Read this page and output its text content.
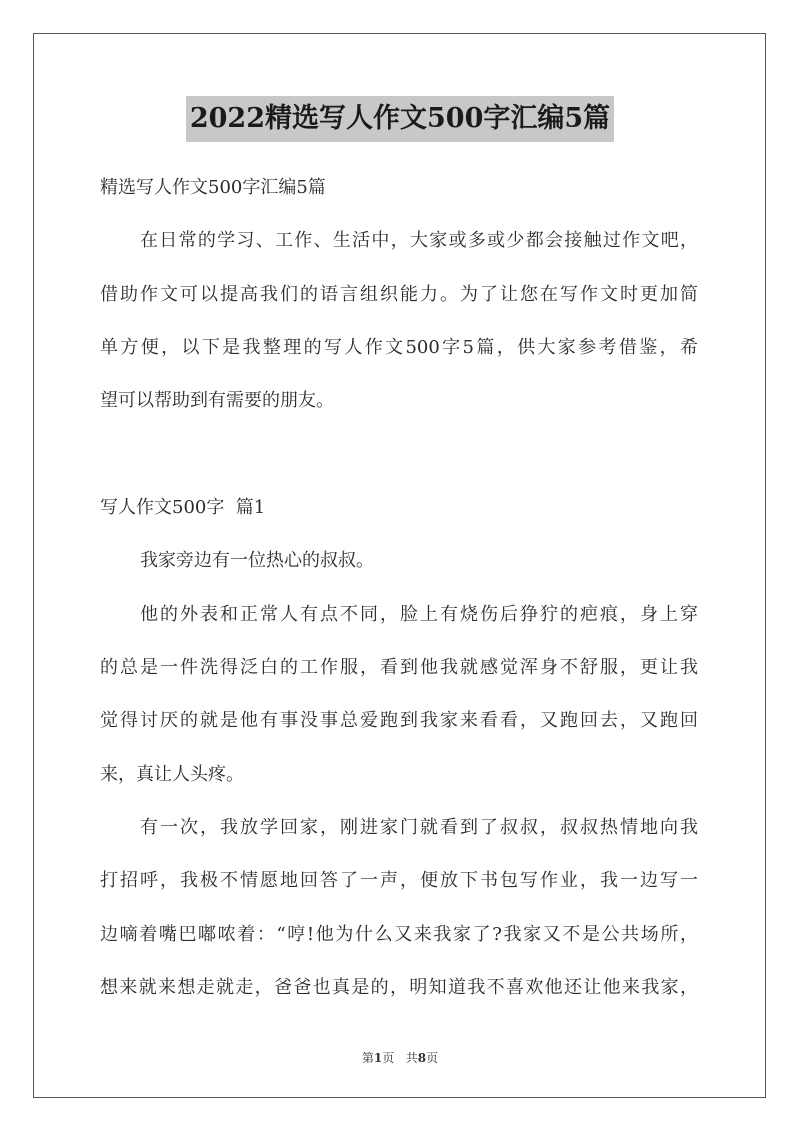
2022精选写人作文500字汇编5篇
精选写人作文500字汇编5篇
在日常的学习、工作、生活中，大家或多或少都会接触过作文吧，
借助作文可以提高我们的语言组织能力。为了让您在写作文时更加简
单方便，以下是我整理的写人作文500字5篇，供大家参考借鉴，希
望可以帮助到有需要的朋友。
写人作文500字  篇1
我家旁边有一位热心的叔叔。
他的外表和正常人有点不同，脸上有烧伤后狰狞的疤痕，身上穿
的总是一件洗得泛白的工作服，看到他我就感觉浑身不舒服，更让我
觉得讨厌的就是他有事没事总爱跑到我家来看看，又跑回去，又跑回
来，真让人头疼。
有一次，我放学回家，刚进家门就看到了叔叔，叔叔热情地向我
打招呼，我极不情愿地回答了一声，便放下书包写作业，我一边写一
边嘀着嘴巴嘟哝着：“哼!他为什么又来我家了?我家又不是公共场所，
想来就来想走就走，爸爸也真是的，明知道我不喜欢他还让他来我家，
第1页   共8页
